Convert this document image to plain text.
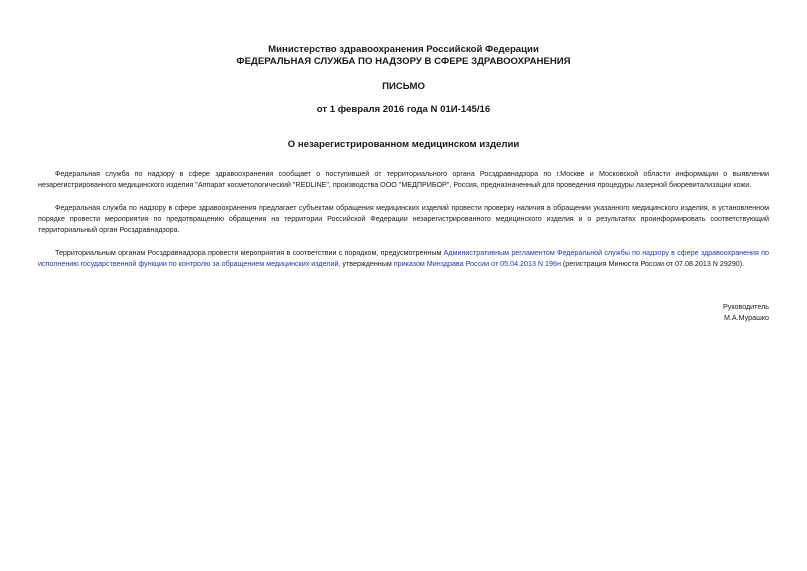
Министерство здравоохранения Российской Федерации
ФЕДЕРАЛЬНАЯ СЛУЖБА ПО НАДЗОРУ В СФЕРЕ ЗДРАВООХРАНЕНИЯ
ПИСЬМО
от 1 февраля 2016 года N 01И-145/16
О незарегистрированном медицинском изделии

Федеральная служба по надзору в сфере здравоохранения сообщает о поступившей от территориального органа Росздравнадзора по г.Москве и Московской области информации о выявлении незарегистрированного медицинского изделия "Аппарат косметологический "REDLINE", производства ООО "МЕДПРИБОР", Россия, предназначенный для проведения процедуры лазерной биоревитализации кожи.

Федеральная служба по надзору в сфере здравоохранения предлагает субъектам обращения медицинских изделий провести проверку наличия в обращении указанного медицинского изделия, в установленном порядке провести мероприятия по предотвращению обращения на территории Российской Федерации незарегистрированного медицинского изделия и о результатах проинформировать соответствующий территориальный орган Росздравнадзора.

Территориальным органам Росздравнадзора провести мероприятия в соответствии с порядком, предусмотренным Административным регламентом Федеральной службы по надзору в сфере здравоохранения по исполнению государственной функции по контролю за обращением медицинских изделий, утвержденным приказом Минздрава России от 05.04.2013 N 196н (регистрация Минюста России от 07.08.2013 N 29290).

Руководитель
М.А.Мурашко
